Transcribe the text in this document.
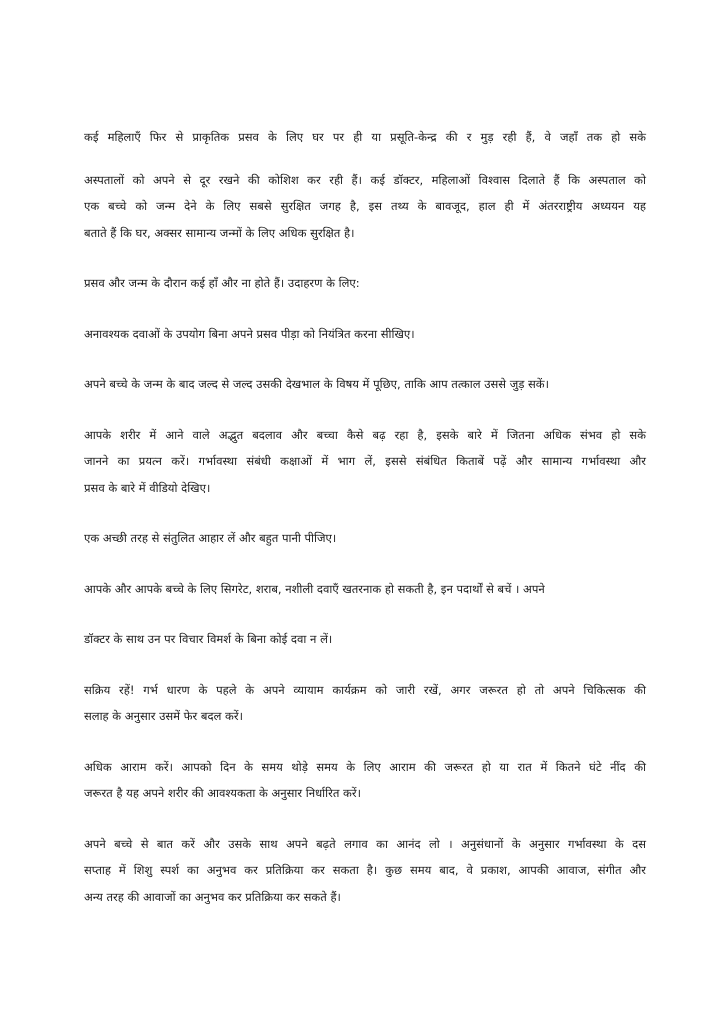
कई महिलाएँ फिर से प्राकृतिक प्रसव के लिए घर पर ही या प्रसूति-केन्द्र की र मुड़ रही हैं, वे जहाँ तक हो सके
अस्पतालों को अपने से दूर रखने की कोशिश कर रही हैं। कई डॉक्टर, महिलाओं विश्वास दिलाते हैं कि अस्पताल को
एक बच्चे को जन्म देने के लिए सबसे सुरक्षित जगह है, इस तथ्य के बावजूद, हाल ही में अंतरराष्ट्रीय अध्ययन यह
बताते हैं कि घर, अक्सर सामान्य जन्मों के लिए अधिक सुरक्षित है।
प्रसव और जन्म के दौरान कई हाँ और ना होते हैं। उदाहरण के लिए:
अनावश्यक दवाओं के उपयोग बिना अपने प्रसव पीड़ा को नियंत्रित करना सीखिए।
अपने बच्चे के जन्म के बाद जल्द से जल्द उसकी देखभाल के विषय में पूछिए, ताकि आप तत्काल उससे जुड़ सकें।
आपके शरीर में आने वाले अद्भुत बदलाव और बच्चा कैसे बढ़ रहा है, इसके बारे में जितना अधिक संभव हो सके
जानने का प्रयत्न करें। गर्भावस्था संबंधी कक्षाओं में भाग लें, इससे संबंधित किताबें पढ़ें और सामान्य गर्भावस्था और
प्रसव के बारे में वीडियो देखिए।
एक अच्छी तरह से संतुलित आहार लें और बहुत पानी पीजिए।
आपके और आपके बच्चे के लिए सिगरेट, शराब, नशीली दवाएँ खतरनाक हो सकती है, इन पदार्थों से बचें । अपने
डॉक्टर के साथ उन पर विचार विमर्श के बिना कोई दवा न लें।
सक्रिय रहें! गर्भ धारण के पहले के अपने व्यायाम कार्यक्रम को जारी रखें, अगर जरूरत हो तो अपने चिकित्सक की
सलाह के अनुसार उसमें फेर बदल करें।
अधिक आराम करें। आपको दिन के समय थोड़े समय के लिए आराम की जरूरत हो या रात में कितने घंटे नींद की
जरूरत है यह अपने शरीर की आवश्यकता के अनुसार निर्धारित करें।
अपने बच्चे से बात करें और उसके साथ अपने बढ़ते लगाव का आनंद लो । अनुसंधानों के अनुसार गर्भावस्था के दस
सप्ताह में शिशु स्पर्श का अनुभव कर प्रतिक्रिया कर सकता है। कुछ समय बाद, वे प्रकाश, आपकी आवाज, संगीत और
अन्य तरह की आवाजों का अनुभव कर प्रतिक्रिया कर सकते हैं।
